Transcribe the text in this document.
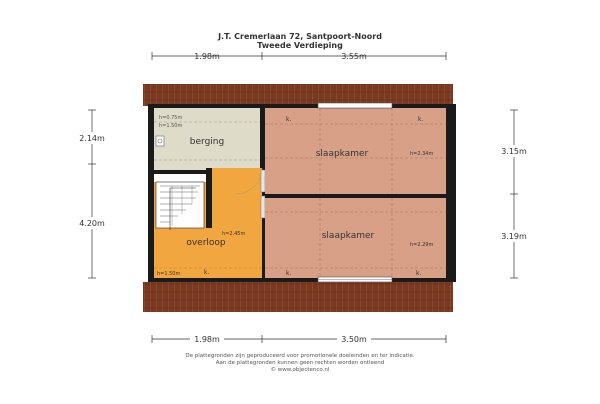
J.T. Cremerlaan 72, Santpoort-Noord
Tweede Verdieping
1.98m	3.55m
h=0.75m
h=1.50m
berging
overloop
h=2.45m
h=1.50m	k.
slaapkamer	h=2.34m
k.	k.
slaapkamer
h=2.29m
k.	k.
2.14m
4.20m
3.15m
3.19m
1.98m	3.50m
De plattegronden zijn geproduceerd voor promotionele doeleinden en ter indicatie.
Aan de plattegronden kunnen geen rechten worden ontleend
© www.objectenco.nl
